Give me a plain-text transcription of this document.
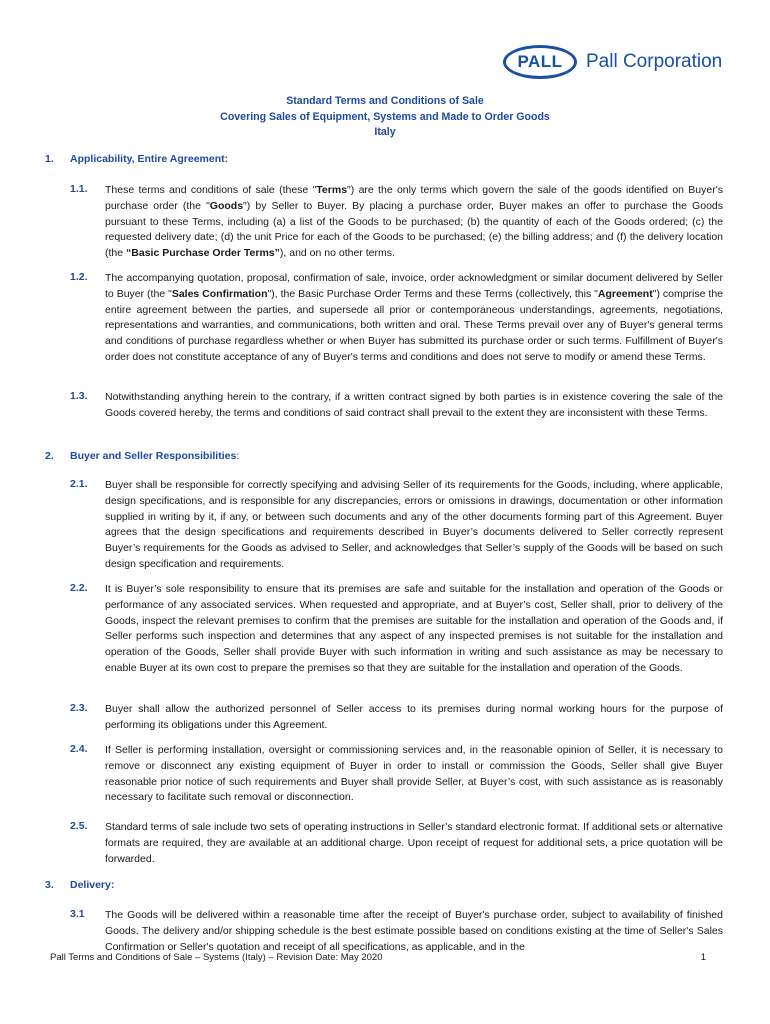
PALL Pall Corporation
Standard Terms and Conditions of Sale
Covering Sales of Equipment, Systems and Made to Order Goods
Italy
1. Applicability, Entire Agreement:
1.1. These terms and conditions of sale (these "Terms") are the only terms which govern the sale of the goods identified on Buyer's purchase order (the "Goods") by Seller to Buyer. By placing a purchase order, Buyer makes an offer to purchase the Goods pursuant to these Terms, including (a) a list of the Goods to be purchased; (b) the quantity of each of the Goods ordered; (c) the requested delivery date; (d) the unit Price for each of the Goods to be purchased; (e) the billing address; and (f) the delivery location (the “Basic Purchase Order Terms”), and on no other terms.
1.2. The accompanying quotation, proposal, confirmation of sale, invoice, order acknowledgment or similar document delivered by Seller to Buyer (the "Sales Confirmation"), the Basic Purchase Order Terms and these Terms (collectively, this "Agreement") comprise the entire agreement between the parties, and supersede all prior or contemporaneous understandings, agreements, negotiations, representations and warranties, and communications, both written and oral. These Terms prevail over any of Buyer's general terms and conditions of purchase regardless whether or when Buyer has submitted its purchase order or such terms. Fulfillment of Buyer's order does not constitute acceptance of any of Buyer's terms and conditions and does not serve to modify or amend these Terms.
1.3. Notwithstanding anything herein to the contrary, if a written contract signed by both parties is in existence covering the sale of the Goods covered hereby, the terms and conditions of said contract shall prevail to the extent they are inconsistent with these Terms.
2. Buyer and Seller Responsibilities:
2.1. Buyer shall be responsible for correctly specifying and advising Seller of its requirements for the Goods, including, where applicable, design specifications, and is responsible for any discrepancies, errors or omissions in drawings, documentation or other information supplied in writing by it, if any, or between such documents and any of the other documents forming part of this Agreement. Buyer agrees that the design specifications and requirements described in Buyer’s documents delivered to Seller correctly represent Buyer’s requirements for the Goods as advised to Seller, and acknowledges that Seller’s supply of the Goods will be based on such design specification and requirements.
2.2. It is Buyer’s sole responsibility to ensure that its premises are safe and suitable for the installation and operation of the Goods or performance of any associated services. When requested and appropriate, and at Buyer’s cost, Seller shall, prior to delivery of the Goods, inspect the relevant premises to confirm that the premises are suitable for the installation and operation of the Goods and, if Seller performs such inspection and determines that any aspect of any inspected premises is not suitable for the installation and operation of the Goods, Seller shall provide Buyer with such information in writing and such assistance as may be necessary to enable Buyer at its own cost to prepare the premises so that they are suitable for the installation and operation of the Goods.
2.3. Buyer shall allow the authorized personnel of Seller access to its premises during normal working hours for the purpose of performing its obligations under this Agreement.
2.4. If Seller is performing installation, oversight or commissioning services and, in the reasonable opinion of Seller, it is necessary to remove or disconnect any existing equipment of Buyer in order to install or commission the Goods, Seller shall give Buyer reasonable prior notice of such requirements and Buyer shall provide Seller, at Buyer’s cost, with such assistance as is reasonably necessary to facilitate such removal or disconnection.
2.5. Standard terms of sale include two sets of operating instructions in Seller’s standard electronic format. If additional sets or alternative formats are required, they are available at an additional charge. Upon receipt of request for additional sets, a price quotation will be forwarded.
3. Delivery:
3.1 The Goods will be delivered within a reasonable time after the receipt of Buyer's purchase order, subject to availability of finished Goods. The delivery and/or shipping schedule is the best estimate possible based on conditions existing at the time of Seller's Sales Confirmation or Seller's quotation and receipt of all specifications, as applicable, and in the
Pall Terms and Conditions of Sale – Systems (Italy) – Revision Date: May 2020	1
